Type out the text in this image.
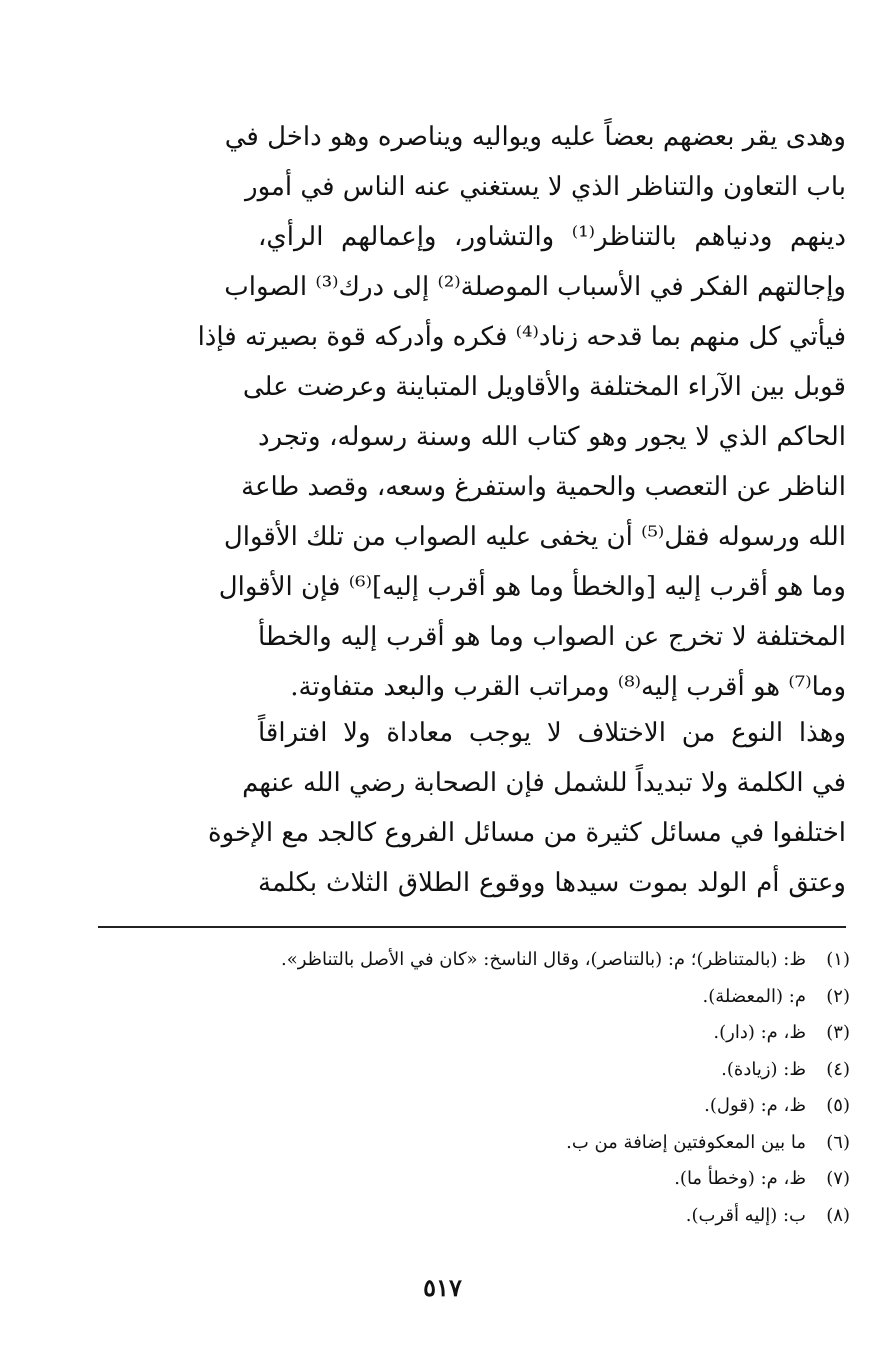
وهدى يقر بعضهم بعضاً عليه ويواليه ويناصره وهو داخل في
باب التعاون والتناظر الذي لا يستغني عنه الناس في أمور
دينهم ودنياهم بالتناظر⁽¹⁾ والتشاور، وإعمالهم الرأي،
وإجالتهم الفكر في الأسباب الموصلة⁽²⁾ إلى درك⁽³⁾ الصواب
فيأتي كل منهم بما قدحه زناد⁽⁴⁾ فكره وأدركه قوة بصيرته فإذا
قوبل بين الآراء المختلفة والأقاويل المتباينة وعرضت على
الحاكم الذي لا يجور وهو كتاب الله وسنة رسوله، وتجرد
الناظر عن التعصب والحمية واستفرغ وسعه، وقصد طاعة
الله ورسوله فقل⁽⁵⁾ أن يخفى عليه الصواب من تلك الأقوال
وما هو أقرب إليه [والخطأ وما هو أقرب إليه]⁽⁶⁾ فإن الأقوال
المختلفة لا تخرج عن الصواب وما هو أقرب إليه والخطأ
وما⁽⁷⁾ هو أقرب إليه⁽⁸⁾ ومراتب القرب والبعد متفاوتة.
وهذا النوع من الاختلاف لا يوجب معاداة ولا افتراقاً
في الكلمة ولا تبديداً للشمل فإن الصحابة رضي الله عنهم
اختلفوا في مسائل كثيرة من مسائل الفروع كالجد مع الإخوة
وعتق أم الولد بموت سيدها ووقوع الطلاق الثلاث بكلمة
(١)ظ: (بالمتناظر)؛ م: (بالتناصر)، وقال الناسخ: «كان في الأصل بالتناظر».
(٢)م: (المعضلة).
(٣)ظ، م: (دار).
(٤)ظ: (زيادة).
(٥)ظ، م: (قول).
(٦)ما بين المعكوفتين إضافة من ب.
(٧)ظ، م: (وخطأ ما).
(٨)ب: (إليه أقرب).
٥١٧
